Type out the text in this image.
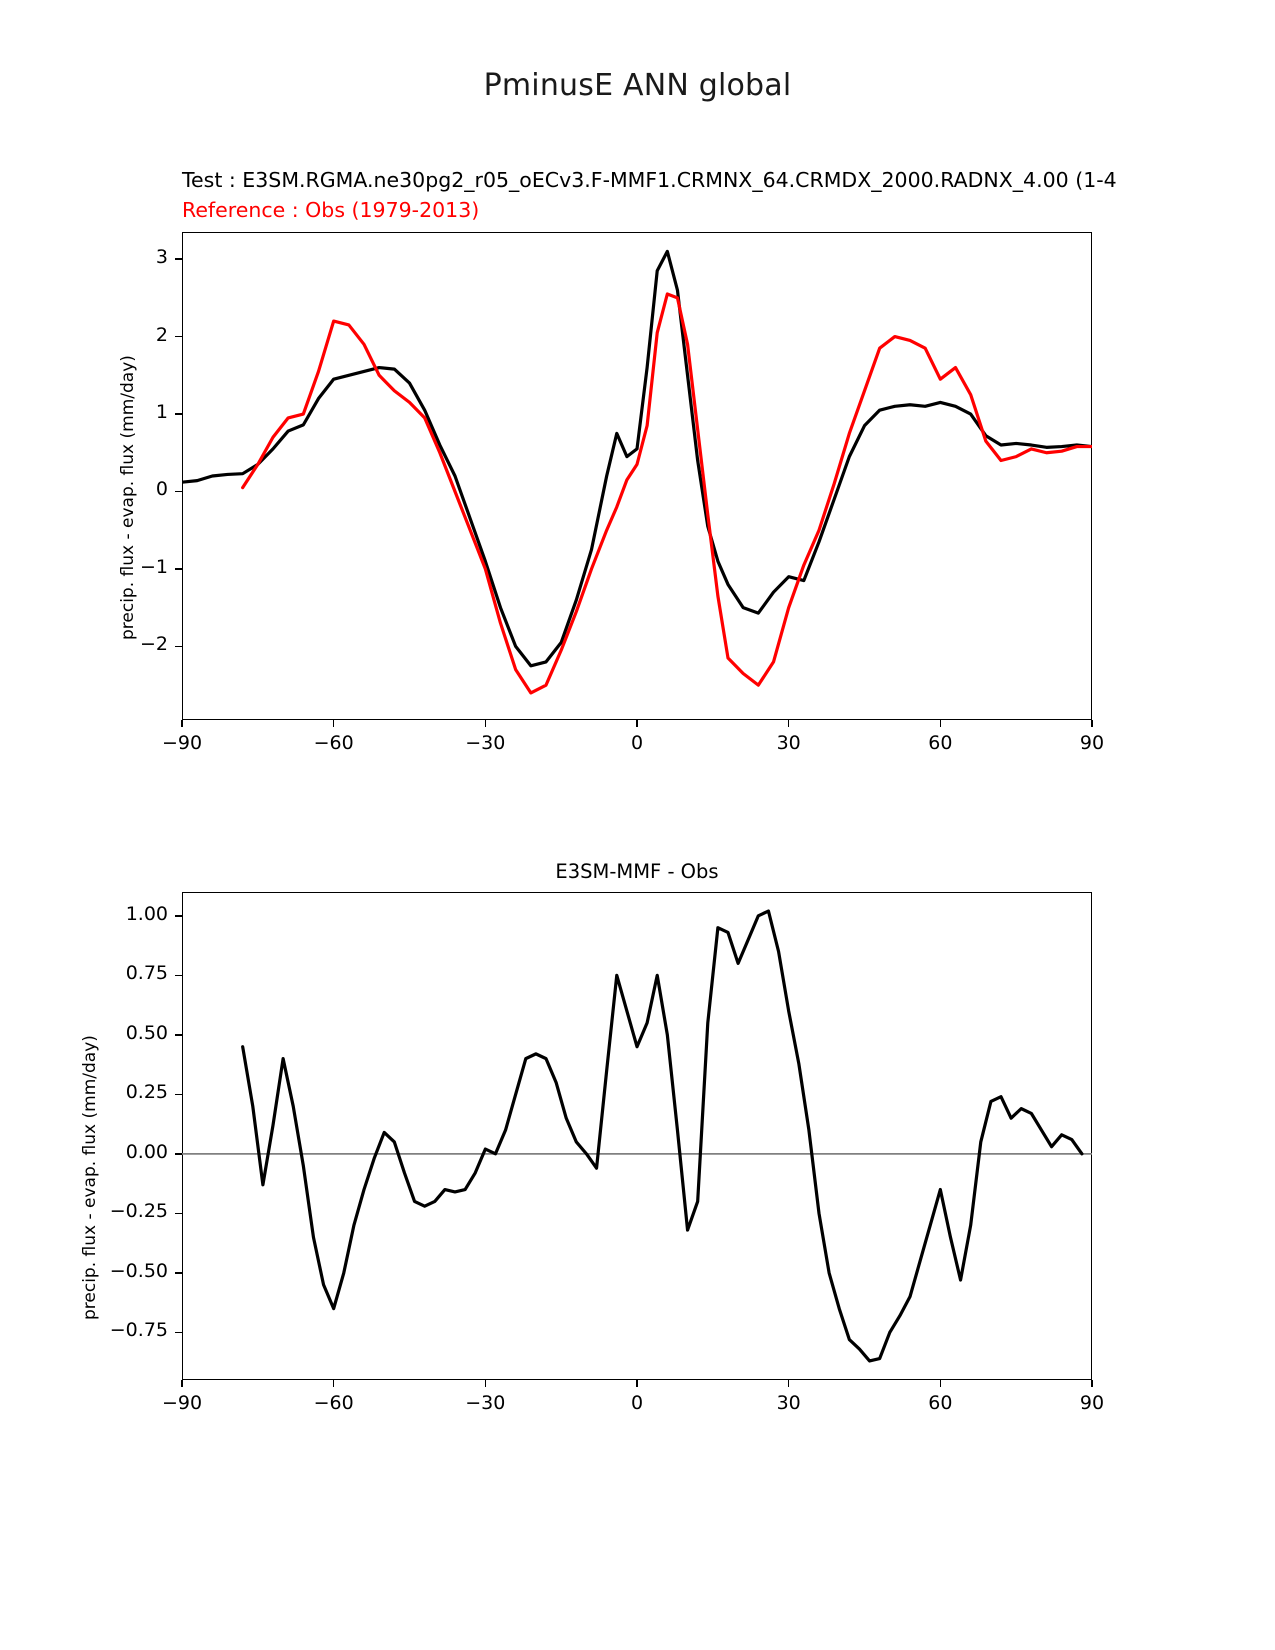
PminusE ANN global
Test : E3SM.RGMA.ne30pg2_r05_oECv3.F-MMF1.CRMNX_64.CRMDX_2000.RADNX_4.00 (1-4
Reference : Obs (1979-2013)
precip. flux - evap. flux (mm/day)
−90	−60	−30	0	30	60	90
−2
−1
0
1
2
3
E3SM-MMF - Obs
precip. flux - evap. flux (mm/day)
−90	−60	−30	0	30	60	90
−0.75
−0.50
−0.25
0.00
0.25
0.50
0.75
1.00
